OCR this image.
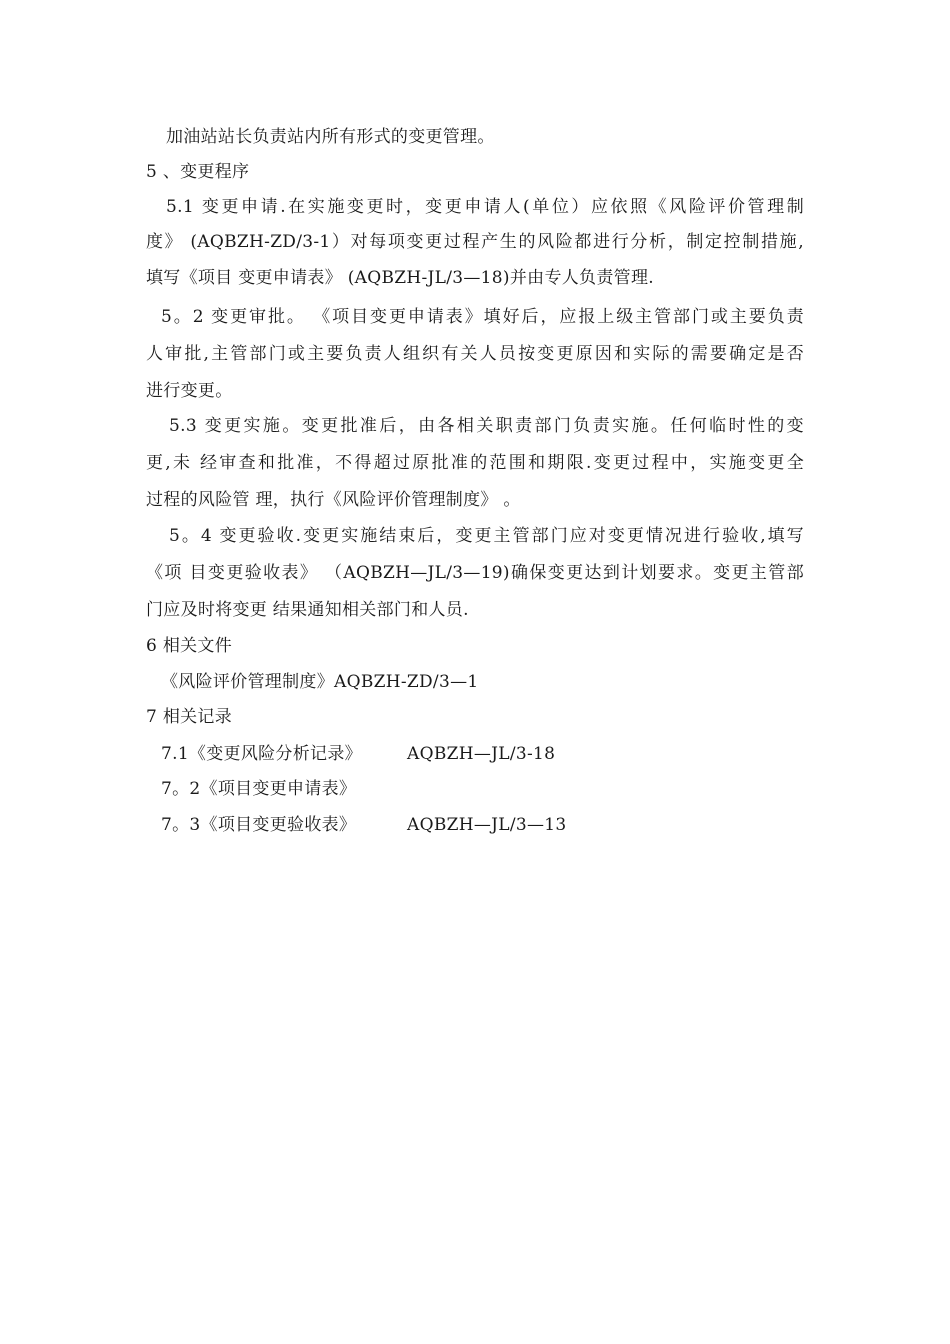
加油站站长负责站内所有形式的变更管理。
5 、变更程序
5.1 变更申请.在实施变更时，变更申请人(单位）应依照《风险评价管理制
度》 (AQBZH-ZD/3-1）对每项变更过程产生的风险都进行分析，制定控制措施,
填写《项目 变更申请表》 (AQBZH-JL/3—18)并由专人负责管理.
5。2 变更审批。 《项目变更申请表》填好后，应报上级主管部门或主要负责
人审批,主管部门或主要负责人组织有关人员按变更原因和实际的需要确定是否
进行变更。
5.3 变更实施。变更批准后，由各相关职责部门负责实施。任何临时性的变
更,未 经审查和批准，不得超过原批准的范围和期限.变更过程中，实施变更全
过程的风险管 理，执行《风险评价管理制度》 。
5。4 变更验收.变更实施结束后，变更主管部门应对变更情况进行验收,填写
《项 目变更验收表》 （AQBZH—JL/3—19)确保变更达到计划要求。变更主管部
门应及时将变更 结果通知相关部门和人员.
6 相关文件
《风险评价管理制度》AQBZH-ZD/3—1
7 相关记录
7.1《变更风险分析记录》	AQBZH—JL/3-18
7。2《项目变更申请表》
7。3《项目变更验收表》	AQBZH—JL/3—13
